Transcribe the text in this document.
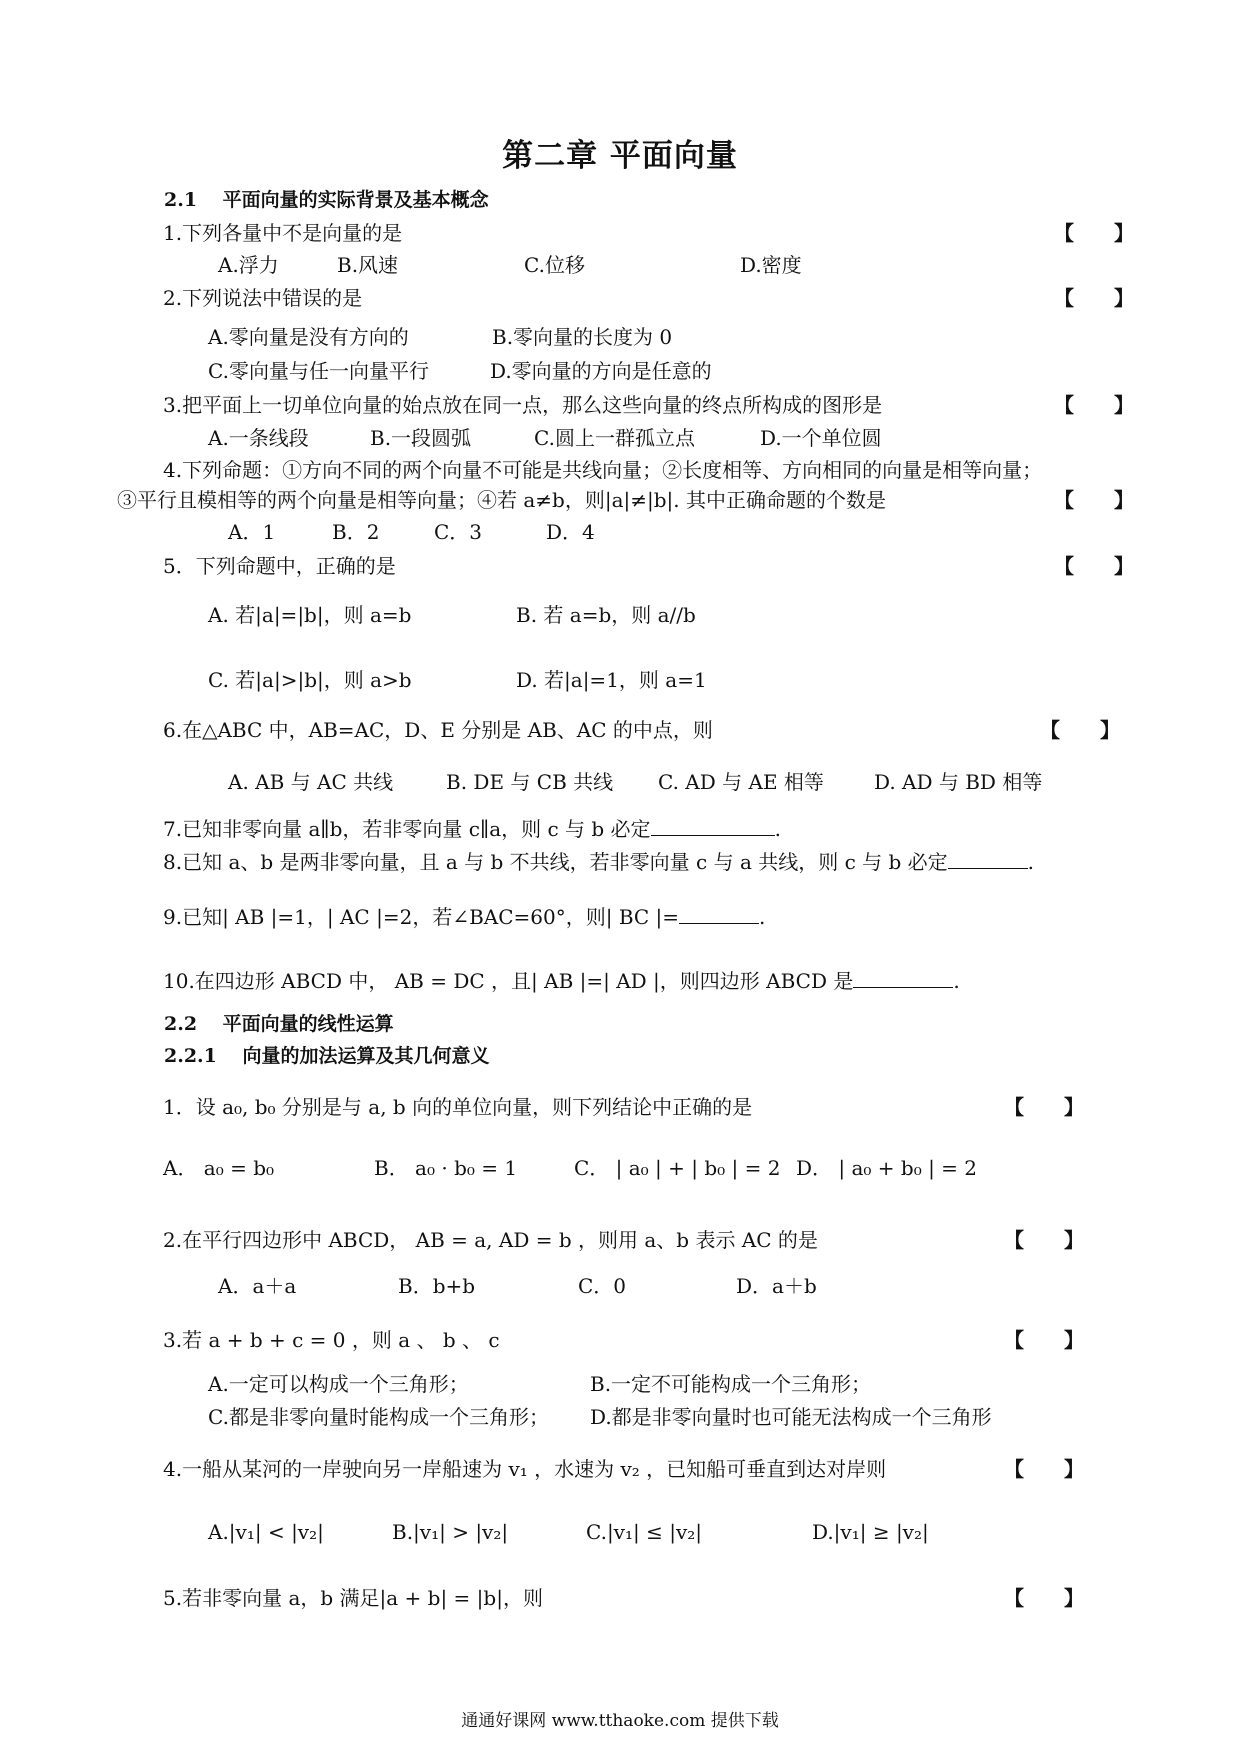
第二章 平面向量
2.1　 平面向量的实际背景及基本概念
1.下列各量中不是向量的是	【　　】
A.浮力	B.风速	C.位移	D.密度
2.下列说法中错误的是	【　　】
A.零向量是没有方向的	B.零向量的长度为 0
C.零向量与任一向量平行	D.零向量的方向是任意的
3.把平面上一切单位向量的始点放在同一点，那么这些向量的终点所构成的图形是	【　　】
A.一条线段	B.一段圆弧	C.圆上一群孤立点	D.一个单位圆
4.下列命题：①方向不同的两个向量不可能是共线向量；②长度相等、方向相同的向量是相等向量；
③平行且模相等的两个向量是相等向量；④若 a≠b，则|a|≠|b|. 其中正确命题的个数是	【　　】
A．1	B．2	C．3	D．4
5．下列命题中，正确的是	【　　】
A. 若|a|=|b|，则 a=b	B. 若 a=b，则 a//b
C. 若|a|>|b|，则 a>b	D. 若|a|=1，则 a=1
6.在△ABC 中，AB=AC，D、E 分别是 AB、AC 的中点，则	【　　】
A. AB 与 AC 共线	B. DE 与 CB 共线 C. AD 与 AE 相等	D. AD 与 BD 相等
7.已知非零向量 a∥b，若非零向量 c∥a，则 c 与 b 必定	.
8.已知 a、b 是两非零向量，且 a 与 b 不共线，若非零向量 c 与 a 共线，则 c 与 b 必定	.
9.已知| AB |=1，| AC |=2，若∠BAC=60°，则| BC |=	.
10.在四边形 ABCD 中， AB = DC ，且| AB |=| AD |，则四边形 ABCD 是	.
2.2　 平面向量的线性运算
2.2.1　 向量的加法运算及其几何意义
1．设 a₀, b₀ 分别是与 a, b 向的单位向量，则下列结论中正确的是	【　　】
A． a₀ = b₀	B． a₀ · b₀ = 1	C． | a₀ | + | b₀ | = 2 D． | a₀ + b₀ | = 2
2.在平行四边形中 ABCD， AB = a, AD = b ，则用 a、b 表示 AC 的是	【　　】
A．a＋a	B．b+b	C．0	D．a＋b
3.若 a + b + c = 0 ，则 a 、 b 、 c	【　　】
A.一定可以构成一个三角形；	B.一定不可能构成一个三角形；
C.都是非零向量时能构成一个三角形； D.都是非零向量时也可能无法构成一个三角形
4.一船从某河的一岸驶向另一岸船速为 v₁ ，水速为 v₂ ，已知船可垂直到达对岸则	【　　】
A.|v₁| < |v₂|	B.|v₁| > |v₂|	C.|v₁| ≤ |v₂|	D.|v₁| ≥ |v₂|
5.若非零向量 a，b 满足|a + b| = |b|，则	【　　】
通通好课网 www.tthaoke.com 提供下载
